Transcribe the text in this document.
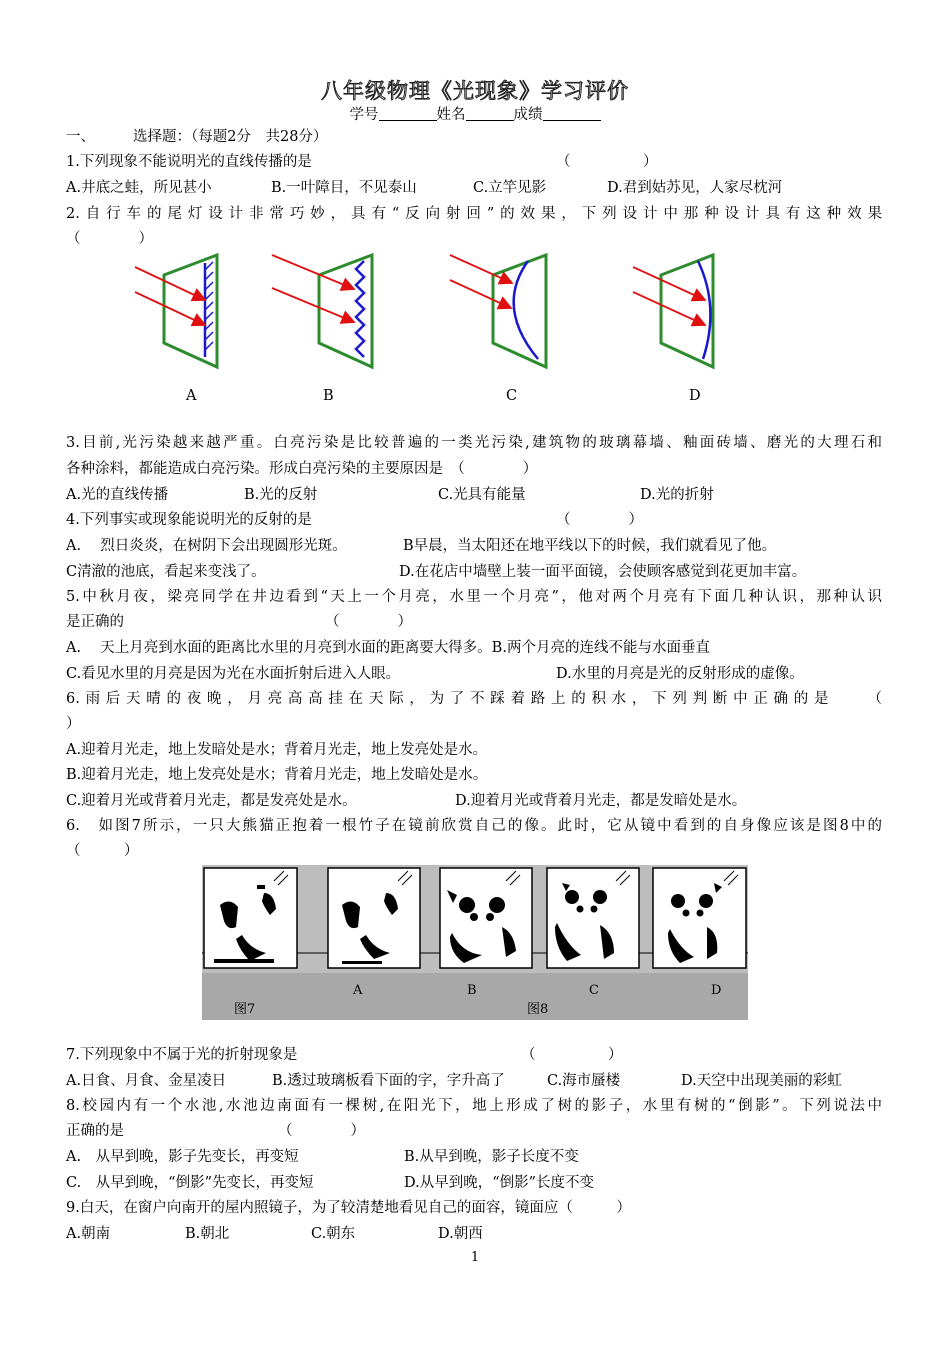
八年级物理《光现象》学习评价
学号	姓名	成绩
一、	选择题：（每题2分　共28分）
1.下列现象不能说明光的直线传播的是	（　　　　　）
A.井底之蛙，所见甚小	B.一叶障目，不见泰山	C.立竿见影	D.君到姑苏见，人家尽枕河
2.自行车的尾灯设计非常巧妙，具有“反向射回”的效果，下列设计中那种设计具有这种效果
（　　　　）
A	B	C	D
3.目前,光污染越来越严重。白亮污染是比较普遍的一类光污染,建筑物的玻璃幕墙、釉面砖墙、磨光的大理石和
各种涂料，都能造成白亮污染。形成白亮污染的主要原因是　（　　　　）
A.光的直线传播	B.光的反射	C.光具有能量	D.光的折射
4.下列事实或现象能说明光的反射的是	（　　　　）
A.　 烈日炎炎，在树阴下会出现圆形光斑。	B早晨，当太阳还在地平线以下的时候，我们就看见了他。
C清澈的池底，看起来变浅了。	D.在花店中墙壁上装一面平面镜，会使顾客感觉到花更加丰富。
5.中秋月夜，梁亮同学在井边看到“天上一个月亮，水里一个月亮”，他对两个月亮有下面几种认识，那种认识
是正确的	（　　　　）
A.　 天上月亮到水面的距离比水里的月亮到水面的距离要大得多。B.两个月亮的连线不能与水面垂直
C.看见水里的月亮是因为光在水面折射后进入人眼。	D.水里的月亮是光的反射形成的虚像。
6.雨后天晴的夜晚，月亮高高挂在天际，为了不踩着路上的积水，下列判断中正确的是　　（
）
A.迎着月光走，地上发暗处是水；背着月光走，地上发亮处是水。
B.迎着月光走，地上发亮处是水；背着月光走，地上发暗处是水。
C.迎着月光或背着月光走，都是发亮处是水。	D.迎着月光或背着月光走，都是发暗处是水。
6.　如图7所示，一只大熊猫正抱着一根竹子在镜前欣赏自己的像。此时，它从镜中看到的自身像应该是图8中的
（　　　）
图7	图8
A	B	C	D
7.下列现象中不属于光的折射现象是	（　　　　　）
A.日食、月食、金星凌日	B.透过玻璃板看下面的字，字升高了	C.海市蜃楼	D.天空中出现美丽的彩虹
8.校园内有一个水池,水池边南面有一棵树,在阳光下，地上形成了树的影子，水里有树的“倒影”。下列说法中
正确的是	（　　　　）
A.　从早到晚，影子先变长，再变短	B.从早到晚，影子长度不变
C.　从早到晚，“倒影”先变长，再变短	D.从早到晚，“倒影”长度不变
9.白天，在窗户向南开的屋内照镜子，为了较清楚地看见自己的面容，镜面应（　　　）
A.朝南	B.朝北	C.朝东	D.朝西
1
